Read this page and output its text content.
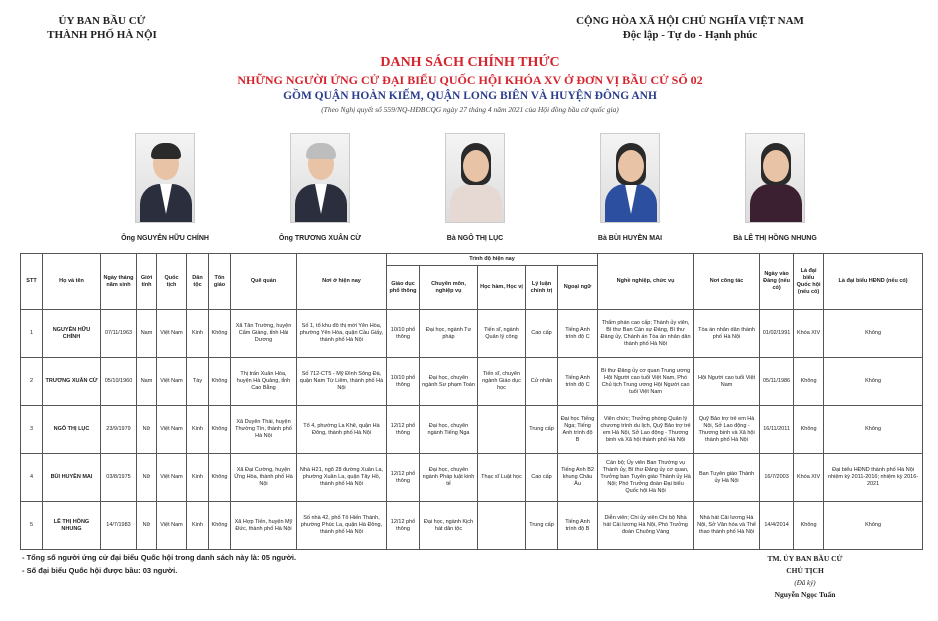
ỦY BAN BẦU CỬ
THÀNH PHỐ HÀ NỘI
CỘNG HÒA XÃ HỘI CHỦ NGHĨA VIỆT NAM
Độc lập - Tự do - Hạnh phúc
DANH SÁCH CHÍNH THỨC
NHỮNG NGƯỜI ỨNG CỬ ĐẠI BIỂU QUỐC HỘI KHÓA XV Ở ĐƠN VỊ BẦU CỬ SỐ 02
GỒM QUẬN HOÀN KIẾM, QUẬN LONG BIÊN VÀ HUYỆN ĐÔNG ANH
(Theo Nghị quyết số 559/NQ-HĐBCQG ngày 27 tháng 4 năm 2021 của Hội đồng bầu cử quốc gia)
Ông NGUYỄN HỮU CHÍNH	Ông TRƯƠNG XUÂN CỪ	Bà NGÔ THỊ LỤC	Bà BÙI HUYỀN MAI	Bà LÊ THỊ HỒNG NHUNG
STT	Họ và tên	Ngày tháng năm sinh	Giới tính	Quốc tịch	Dân tộc	Tôn giáo	Quê quán	Nơi ở hiện nay	Trình độ hiện nay					Nghề nghiệp, chức vụ	Nơi công tác	Ngày vào Đảng (nếu có)	Là đại biểu Quốc hội (nếu có)	Là đại biểu HĐND (nếu có)
									Giáo dục phổ thông	Chuyên môn, nghiệp vụ	Học hàm, Học vị	Lý luận chính trị	Ngoại ngữ					
1	NGUYỄN HỮU CHÍNH	07/11/1963	Nam	Việt Nam	Kinh	Không	Xã Tân Trường, huyện Cẩm Giàng, tỉnh Hải Dương	Số 1, tổ khu đô thị mới Yên Hòa, phường Yên Hòa, quận Cầu Giấy, thành phố Hà Nội	10/10 phổ thông	Đại học, ngành Tư pháp	Tiến sĩ, ngành Quản lý công	Cao cấp	Tiếng Anh trình độ C	Thẩm phán cao cấp; Thành ủy viên, Bí thư Ban Cán sự Đảng, Bí thư Đảng ủy, Chánh án Tòa án nhân dân thành phố Hà Nội	Tòa án nhân dân thành phố Hà Nội	01/02/1991	Khóa XIV	Không
2	TRƯƠNG XUÂN CỪ	05/10/1960	Nam	Việt Nam	Tày	Không	Thị trấn Xuân Hòa, huyện Hà Quảng, tỉnh Cao Bằng	Số 712-CT5 - Mỹ Đình Sông Đà, quận Nam Từ Liêm, thành phố Hà Nội	10/10 phổ thông	Đại học, chuyên ngành Sư phạm Toán	Tiến sĩ, chuyên ngành Giáo dục học	Cử nhân	Tiếng Anh trình độ C	Bí thư Đảng ủy cơ quan Trung ương Hội Người cao tuổi Việt Nam, Phó Chủ tịch Trung ương Hội Người cao tuổi Việt Nam	Hội Người cao tuổi Việt Nam	05/11/1986	Không	Không
3	NGÔ THỊ LỤC	23/9/1979	Nữ	Việt Nam	Kinh	Không	Xã Duyên Thái, huyện Thường Tín, thành phố Hà Nội	Tổ 4, phường La Khê, quận Hà Đông, thành phố Hà Nội	12/12 phổ thông	Đại học, chuyên ngành Tiếng Nga		Trung cấp	Đại học Tiếng Nga; Tiếng Anh trình độ B	Viên chức; Trưởng phòng Quản lý chương trình du lịch, Quỹ Bảo trợ trẻ em Hà Nội, Sở Lao động - Thương binh và Xã hội thành phố Hà Nội	Quỹ Bảo trợ trẻ em Hà Nội, Sở Lao động - Thương binh và Xã hội thành phố Hà Nội	16/11/2011	Không	Không
4	BÙI HUYỀN MAI	03/8/1975	Nữ	Việt Nam	Kinh	Không	Xã Đại Cường, huyện Ứng Hòa, thành phố Hà Nội	Nhà H21, ngõ 28 đường Xuân La, phường Xuân La, quận Tây Hồ, thành phố Hà Nội	12/12 phổ thông	Đại học, chuyên ngành Pháp luật kinh tế	Thạc sĩ Luật học	Cao cấp	Tiếng Anh B2 khung Châu Âu	Cán bộ; Ủy viên Ban Thường vụ Thành ủy, Bí thư Đảng ủy cơ quan, Trưởng ban Tuyên giáo Thành ủy Hà Nội; Phó Trưởng đoàn Đại biểu Quốc hội Hà Nội	Ban Tuyên giáo Thành ủy Hà Nội	16/7/2003	Khóa XIV	Đại biểu HĐND thành phố Hà Nội nhiệm kỳ 2011-2016; nhiệm kỳ 2016-2021
5	LÊ THỊ HỒNG NHUNG	14/7/1983	Nữ	Việt Nam	Kinh	Không	Xã Hợp Tiến, huyện Mỹ Đức, thành phố Hà Nội	Số nhà 42, phố Tô Hiến Thành, phường Phúc La, quận Hà Đông, thành phố Hà Nội	12/12 phổ thông	Đại học, ngành Kịch hát dân tộc		Trung cấp	Tiếng Anh trình độ B	Diễn viên; Chi ủy viên Chi bộ Nhà hát Cải lương Hà Nội, Phó Trưởng đoàn Chuông Vàng	Nhà hát Cải lương Hà Nội, Sở Văn hóa và Thể thao thành phố Hà Nội	14/4/2014	Không	Không
- Tổng số người ứng cử đại biểu Quốc hội trong danh sách này là: 05 người.
- Số đại biểu Quốc hội được bầu: 03 người.
TM. ỦY BAN BẦU CỬ
CHỦ TỊCH
(Đã ký)
Nguyễn Ngọc Tuấn
